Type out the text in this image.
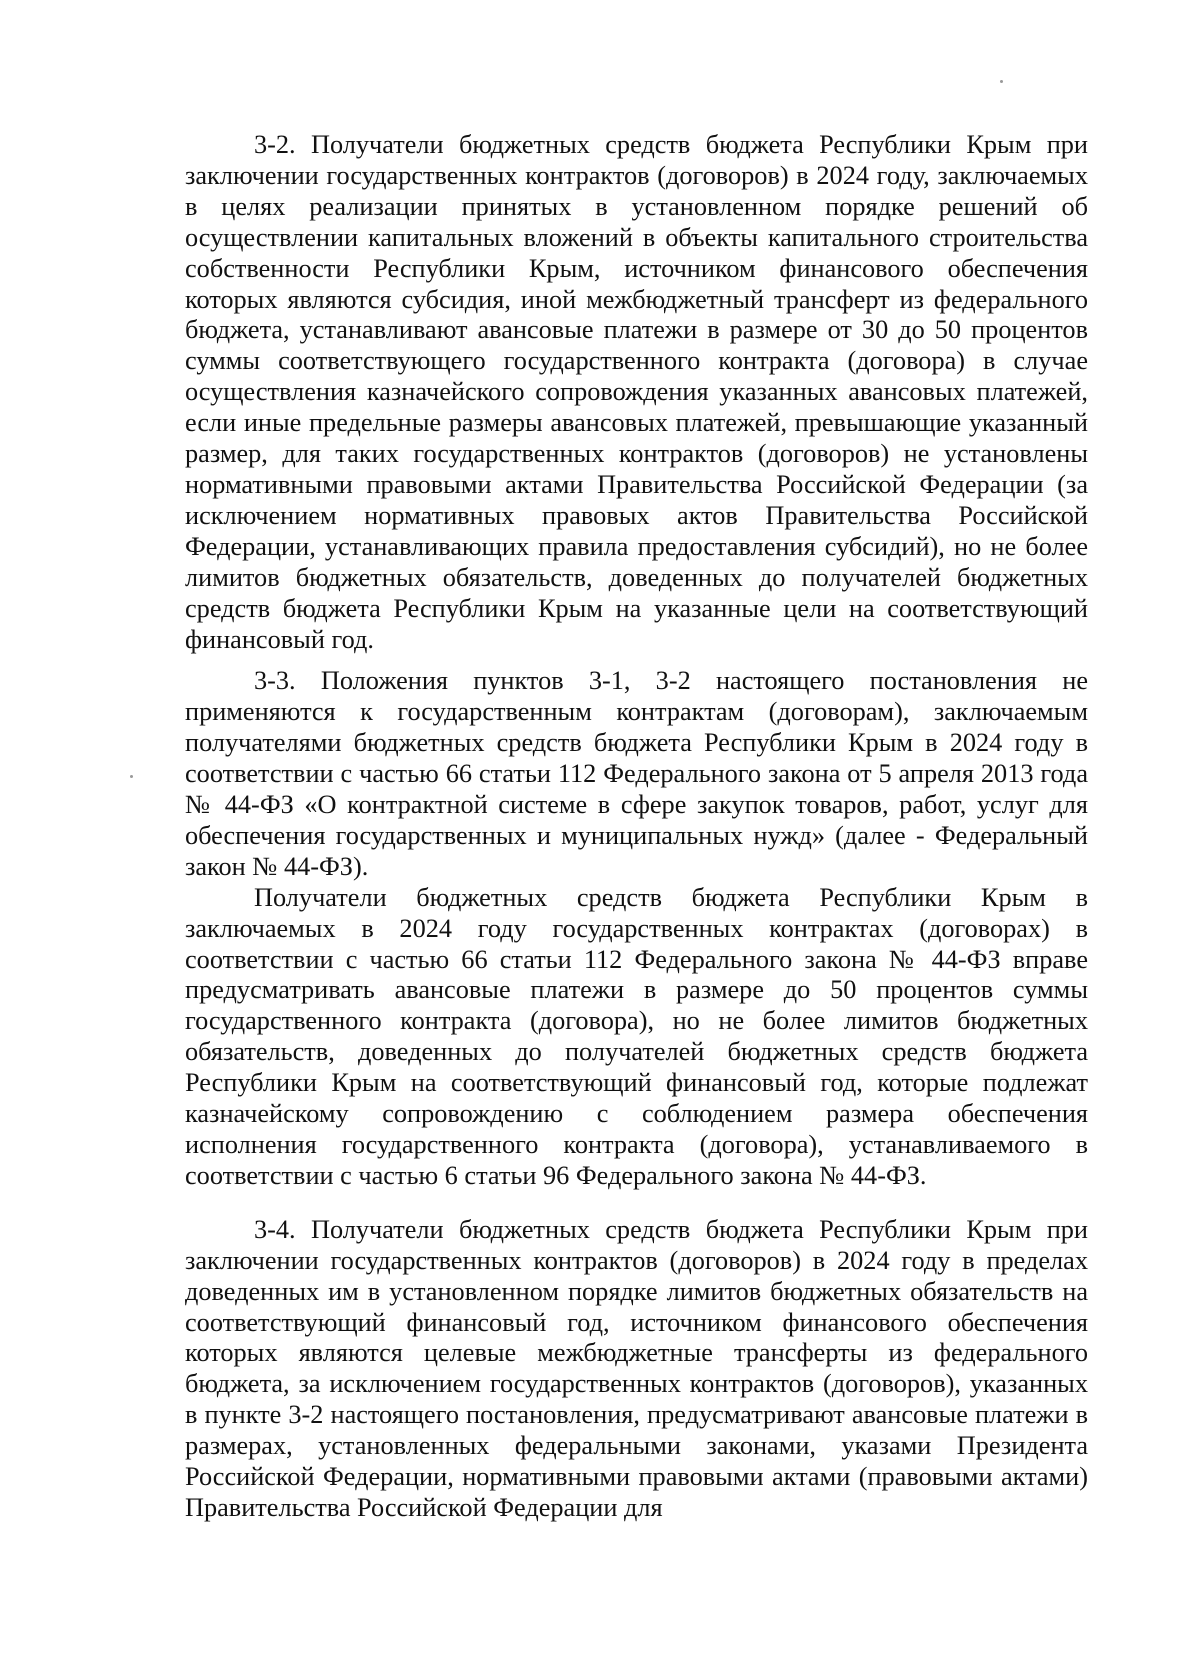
3-2. Получатели бюджетных средств бюджета Республики Крым при заключении государственных контрактов (договоров) в 2024 году, заключаемых в целях реализации принятых в установленном порядке решений об осуществлении капитальных вложений в объекты капитального строительства собственности Республики Крым, источником финансового обеспечения которых являются субсидия, иной межбюджетный трансферт из федерального бюджета, устанавливают авансовые платежи в размере от 30 до 50 процентов суммы соответствующего государственного контракта (договора) в случае осуществления казначейского сопровождения указанных авансовых платежей, если иные предельные размеры авансовых платежей, превышающие указанный размер, для таких государственных контрактов (договоров) не установлены нормативными правовыми актами Правительства Российской Федерации (за исключением нормативных правовых актов Правительства Российской Федерации, устанавливающих правила предоставления субсидий), но не более лимитов бюджетных обязательств, доведенных до получателей бюджетных средств бюджета Республики Крым на указанные цели на соответствующий финансовый год.

3-3. Положения пунктов 3-1, 3-2 настоящего постановления не применяются к государственным контрактам (договорам), заключаемым получателями бюджетных средств бюджета Республики Крым в 2024 году в соответствии с частью 66 статьи 112 Федерального закона от 5 апреля 2013 года № 44-ФЗ «О контрактной системе в сфере закупок товаров, работ, услуг для обеспечения государственных и муниципальных нужд» (далее - Федеральный закон № 44-ФЗ).

Получатели бюджетных средств бюджета Республики Крым в заключаемых в 2024 году государственных контрактах (договорах) в соответствии с частью 66 статьи 112 Федерального закона № 44-ФЗ вправе предусматривать авансовые платежи в размере до 50 процентов суммы государственного контракта (договора), но не более лимитов бюджетных обязательств, доведенных до получателей бюджетных средств бюджета Республики Крым на соответствующий финансовый год, которые подлежат казначейскому сопровождению с соблюдением размера обеспечения исполнения государственного контракта (договора), устанавливаемого в соответствии с частью 6 статьи 96 Федерального закона № 44-ФЗ.

3-4. Получатели бюджетных средств бюджета Республики Крым при заключении государственных контрактов (договоров) в 2024 году в пределах доведенных им в установленном порядке лимитов бюджетных обязательств на соответствующий финансовый год, источником финансового обеспечения которых являются целевые межбюджетные трансферты из федерального бюджета, за исключением государственных контрактов (договоров), указанных в пункте 3-2 настоящего постановления, предусматривают авансовые платежи в размерах, установленных федеральными законами, указами Президента Российской Федерации, нормативными правовыми актами (правовыми актами) Правительства Российской Федерации для
